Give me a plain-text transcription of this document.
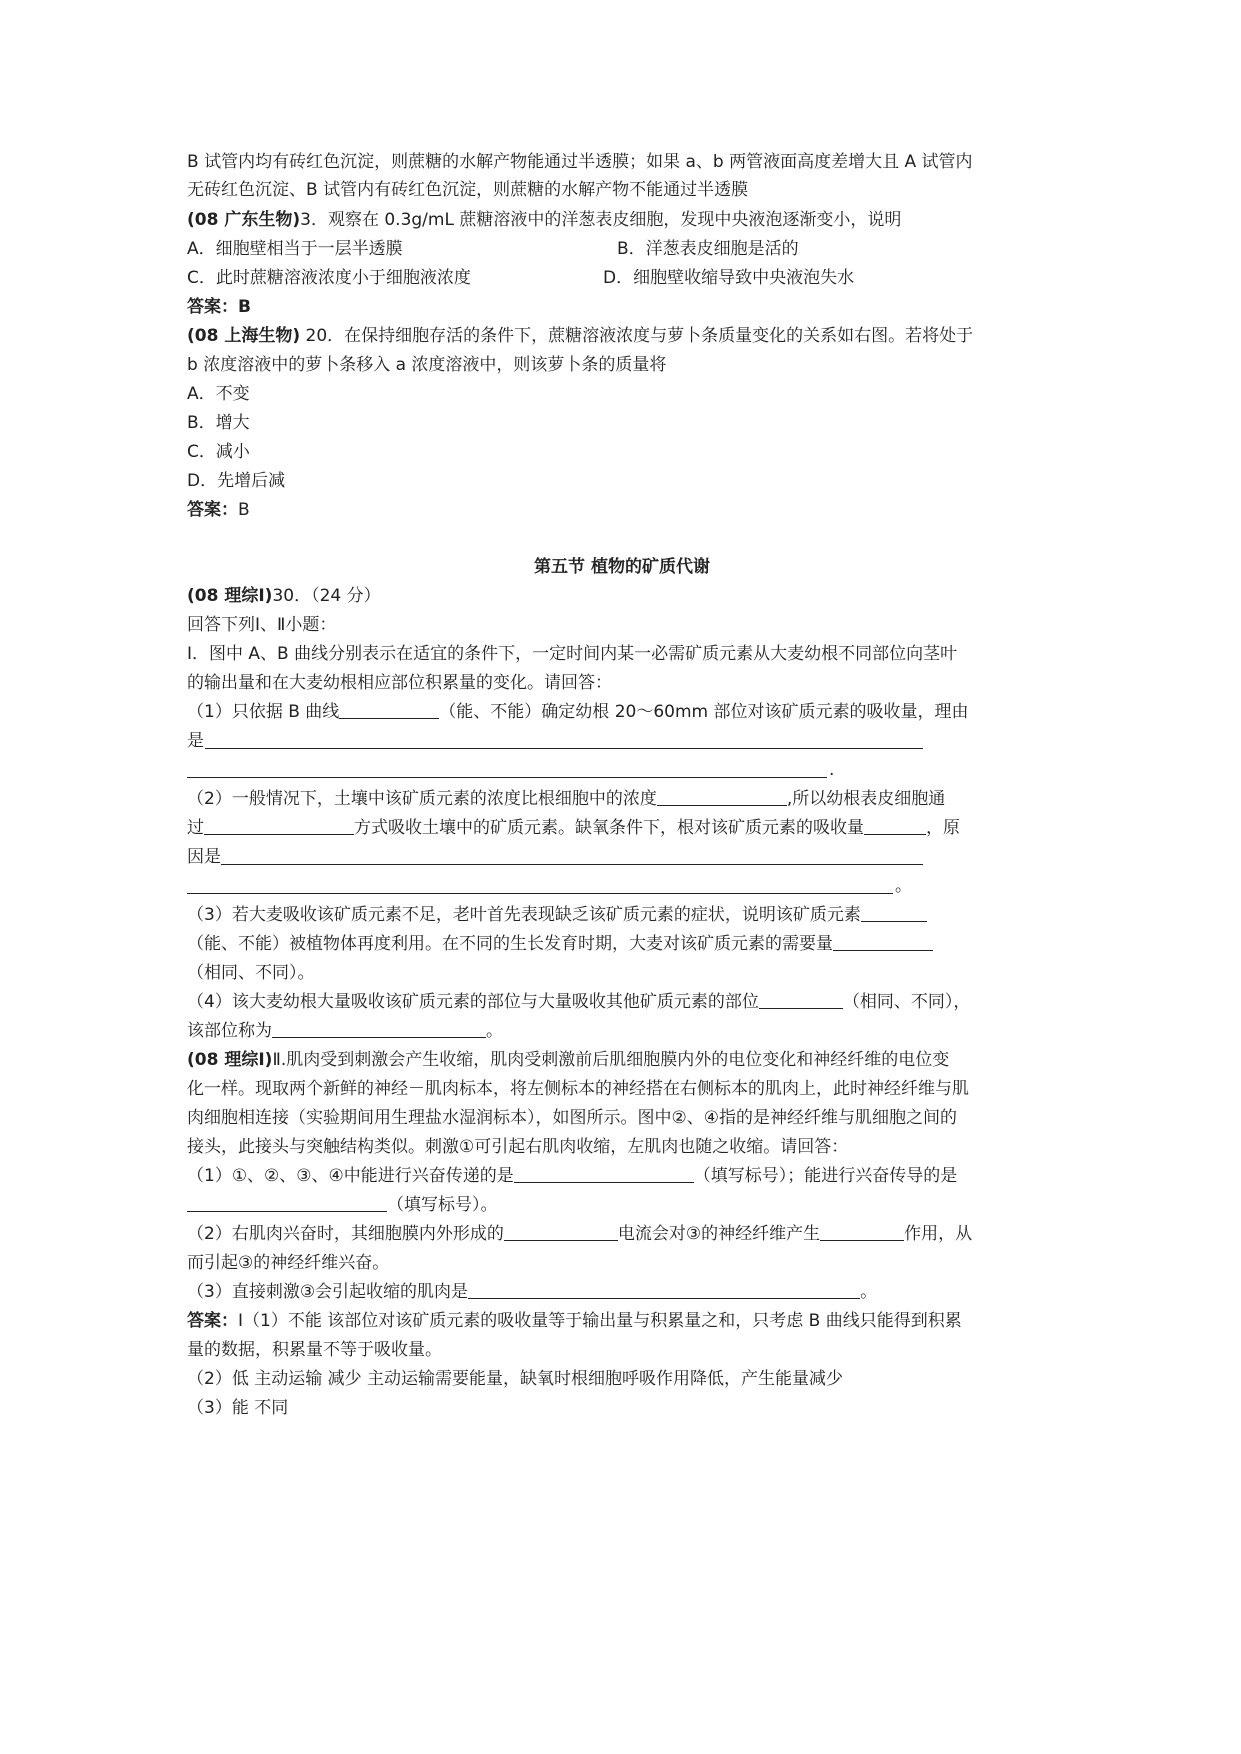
B 试管内均有砖红色沉淀，则蔗糖的水解产物能通过半透膜；如果 a、b 两管液面高度差增大且 A 试管内
无砖红色沉淀、B 试管内有砖红色沉淀，则蔗糖的水解产物不能通过半透膜
(08 广东生物)3．观察在 0.3g/mL 蔗糖溶液中的洋葱表皮细胞，发现中央液泡逐渐变小，说明
A．细胞壁相当于一层半透膜	B．洋葱表皮细胞是活的
C．此时蔗糖溶液浓度小于细胞液浓度	D．细胞壁收缩导致中央液泡失水
答案：B
(08 上海生物) 20．在保持细胞存活的条件下，蔗糖溶液浓度与萝卜条质量变化的关系如右图。若将处于
b 浓度溶液中的萝卜条移入 a 浓度溶液中，则该萝卜条的质量将
A．不变
B．增大
C．减小
D．先增后减
答案：B
第五节 植物的矿质代谢
(08 理综Ⅰ)30．（24 分）
回答下列Ⅰ、Ⅱ小题：
Ⅰ．图中 A、B 曲线分别表示在适宜的条件下，一定时间内某一必需矿质元素从大麦幼根不同部位向茎叶
的输出量和在大麦幼根相应部位积累量的变化。请回答：
（1）只依据 B 曲线	（能、不能）确定幼根 20～60mm 部位对该矿质元素的吸收量，理由
是
.
（2）一般情况下，土壤中该矿质元素的浓度比根细胞中的浓度	,所以幼根表皮细胞通
过	方式吸收土壤中的矿质元素。缺氧条件下，根对该矿质元素的吸收量	，原
因是
。
（3）若大麦吸收该矿质元素不足，老叶首先表现缺乏该矿质元素的症状，说明该矿质元素
（能、不能）被植物体再度利用。在不同的生长发育时期，大麦对该矿质元素的需要量
（相同、不同）。
（4）该大麦幼根大量吸收该矿质元素的部位与大量吸收其他矿质元素的部位	（相同、不同），
该部位称为	。
(08 理综Ⅰ)Ⅱ.肌肉受到刺激会产生收缩，肌肉受刺激前后肌细胞膜内外的电位变化和神经纤维的电位变
化一样。现取两个新鲜的神经－肌肉标本，将左侧标本的神经搭在右侧标本的肌肉上，此时神经纤维与肌
肉细胞相连接（实验期间用生理盐水湿润标本），如图所示。图中②、④指的是神经纤维与肌细胞之间的
接头，此接头与突触结构类似。刺激①可引起右肌肉收缩，左肌肉也随之收缩。请回答：
（1）①、②、③、④中能进行兴奋传递的是	（填写标号）；能进行兴奋传导的是
（填写标号）。
（2）右肌肉兴奋时，其细胞膜内外形成的	电流会对③的神经纤维产生	作用，从
而引起③的神经纤维兴奋。
（3）直接刺激③会引起收缩的肌肉是	。
答案：Ⅰ（1）不能 该部位对该矿质元素的吸收量等于输出量与积累量之和，只考虑 B 曲线只能得到积累
量的数据，积累量不等于吸收量。
（2）低 主动运输 减少 主动运输需要能量，缺氧时根细胞呼吸作用降低，产生能量减少
（3）能 不同
